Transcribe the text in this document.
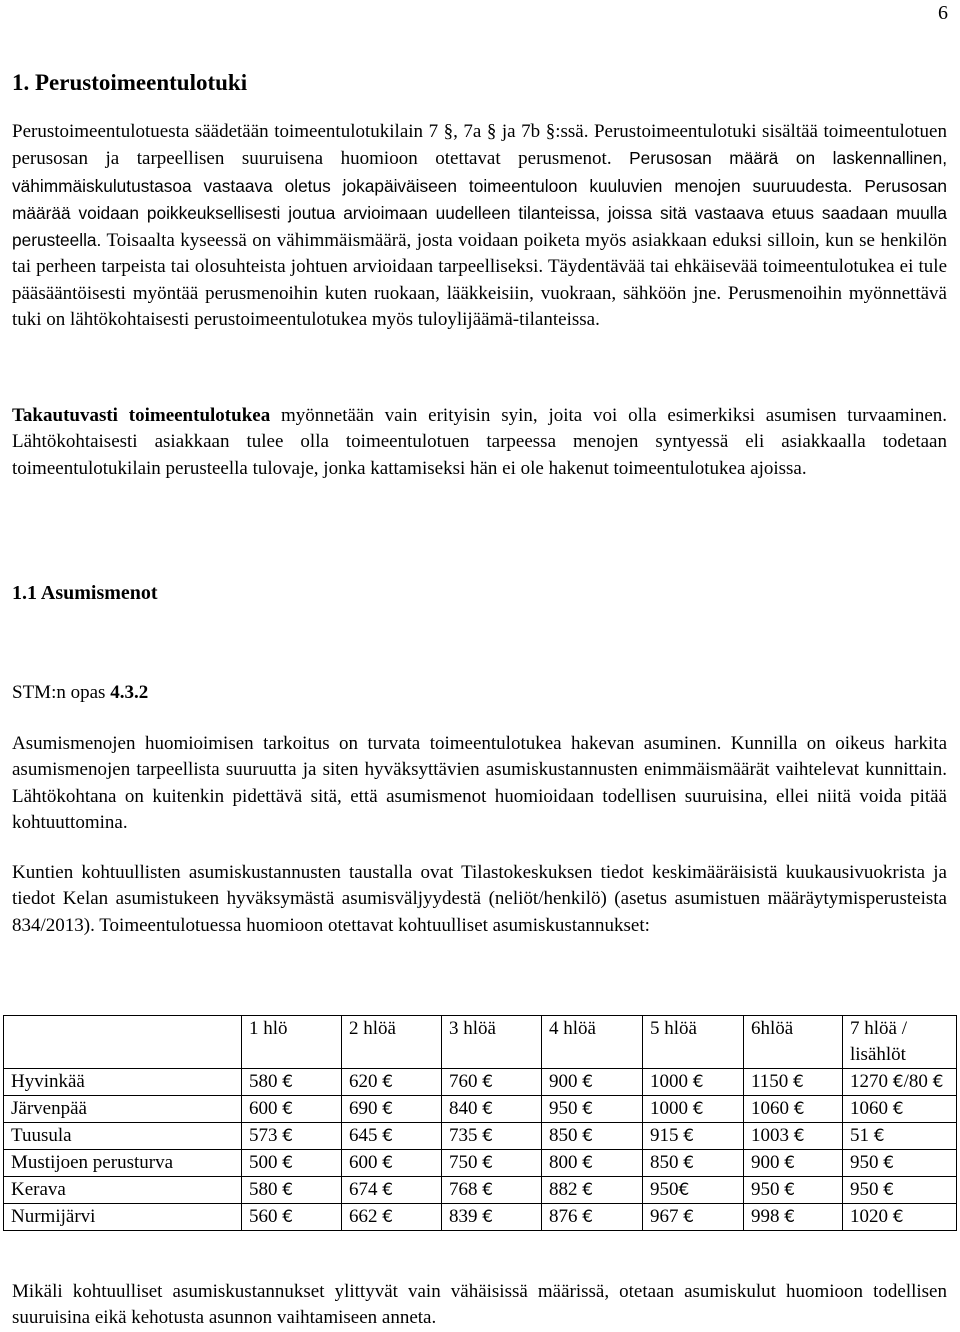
6
1. Perustoimeentulotuki

Perustoimeentulotuesta säädetään toimeentulotukilain 7 §, 7a § ja 7b §:ssä. Perustoimeentulotuki sisältää toimeentulotuen perusosan ja tarpeellisen suuruisena huomioon otettavat perusmenot. Perusosan määrä on laskennallinen, vähimmäiskulutustasoa vastaava oletus jokapäiväiseen toimeentuloon kuuluvien menojen suuruudesta. Perusosan määrää voidaan poikkeuksellisesti joutua arvioimaan uudelleen tilanteissa, joissa sitä vastaava etuus saadaan muulla perusteella. Toisaalta kyseessä on vähimmäismäärä, josta voidaan poiketa myös asiakkaan eduksi silloin, kun se henkilön tai perheen tarpeista tai olosuhteista johtuen arvioidaan tarpeelliseksi. Täydentävää tai ehkäisevää toimeentulotukea ei tule pääsääntöisesti myöntää perusmenoihin kuten ruokaan, lääkkeisiin, vuokraan, sähköön jne. Perusmenoihin myönnettävä tuki on lähtökohtaisesti perustoimeentulotukea myös tuloylijäämä-tilanteissa.

Takautuvasti toimeentulotukea myönnetään vain erityisin syin, joita voi olla esimerkiksi asumisen turvaaminen. Lähtökohtaisesti asiakkaan tulee olla toimeentulotuen tarpeessa menojen syntyessä eli asiakkaalla todetaan toimeentulotukilain perusteella tulovaje, jonka kattamiseksi hän ei ole hakenut toimeentulotukea ajoissa.

1.1 Asumismenot

STM:n opas 4.3.2

Asumismenojen huomioimisen tarkoitus on turvata toimeentulotukea hakevan asuminen. Kunnilla on oikeus harkita asumismenojen tarpeellista suuruutta ja siten hyväksyttävien asumiskustannusten enimmäismäärät vaihtelevat kunnittain. Lähtökohtana on kuitenkin pidettävä sitä, että asumismenot huomioidaan todellisen suuruisina, ellei niitä voida pitää kohtuuttomina.

Kuntien kohtuullisten asumiskustannusten taustalla ovat Tilastokeskuksen tiedot keskimääräisistä kuukausivuokrista ja tiedot Kelan asumistukeen hyväksymästä asumisväljyydestä (neliöt/henkilö) (asetus asumistuen määräytymisperusteista 834/2013). Toimeentulotuessa huomioon otettavat kohtuulliset asumiskustannukset:

	1 hlö	2 hlöä	3 hlöä	4 hlöä	5 hlöä	6hlöä	7 hlöä / lisählöt
Hyvinkää	580 €	620 €	760 €	900 €	1000 €	1150 €	1270 €/80 €
Järvenpää	600 €	690 €	840 €	950 €	1000 €	1060 €	1060 €
Tuusula	573 €	645 €	735 €	850 €	915 €	1003 €	51 €
Mustijoen perusturva	500 €	600 €	750 €	800 €	850 €	900 €	950 €
Kerava	580 €	674 €	768 €	882 €	950€	950 €	950 €
Nurmijärvi	560 €	662 €	839 €	876 €	967 €	998 €	1020 €

Mikäli kohtuulliset asumiskustannukset ylittyvät vain vähäisissä määrissä, otetaan asumiskulut huomioon todellisen suuruisina eikä kehotusta asunnon vaihtamiseen anneta.
